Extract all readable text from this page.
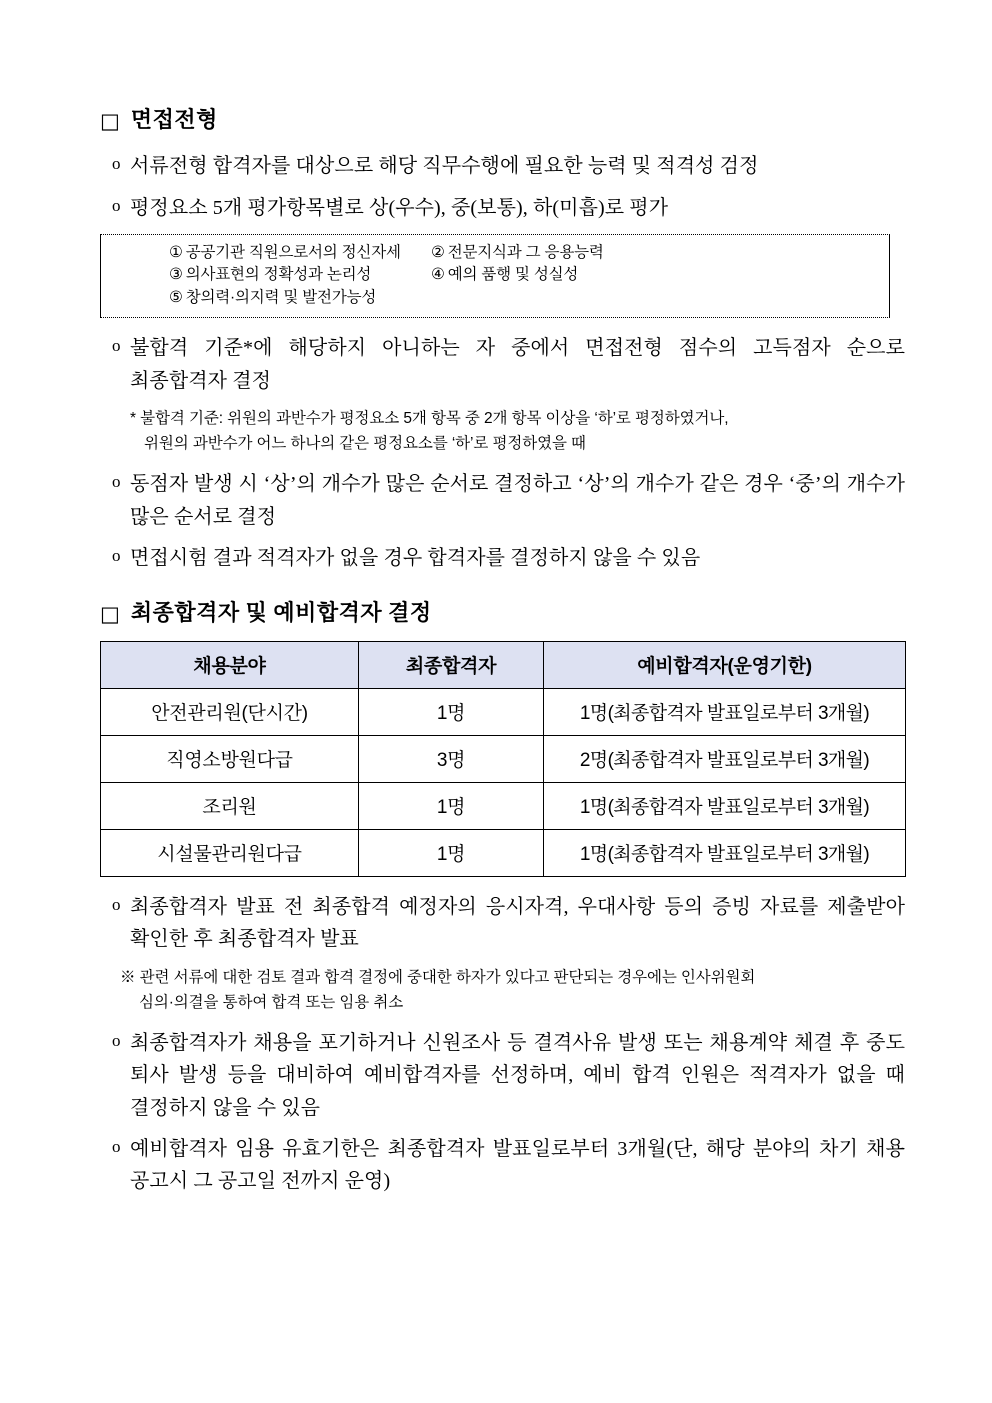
□ 면접전형
o 서류전형 합격자를 대상으로 해당 직무수행에 필요한 능력 및 적격성 검정
o 평정요소 5개 평가항목별로 상(우수), 중(보통), 하(미흡)로 평가
① 공공기관 직원으로서의 정신자세	② 전문지식과 그 응용능력
③ 의사표현의 정확성과 논리성	④ 예의 품행 및 성실성
⑤ 창의력·의지력 및 발전가능성
o 불합격 기준*에 해당하지 아니하는 자 중에서 면접전형 점수의 고득점자 순으로 최종합격자 결정
* 불합격 기준: 위원의 과반수가 평정요소 5개 항목 중 2개 항목 이상을 ‘하’로 평정하였거나,
위원의 과반수가 어느 하나의 같은 평정요소를 ‘하’로 평정하였을 때
o 동점자 발생 시 ‘상’의 개수가 많은 순서로 결정하고 ‘상’의 개수가 같은 경우 ‘중’의 개수가 많은 순서로 결정
o 면접시험 결과 적격자가 없을 경우 합격자를 결정하지 않을 수 있음
□ 최종합격자 및 예비합격자 결정
채용분야	최종합격자	예비합격자(운영기한)
안전관리원(단시간)	1명	1명(최종합격자 발표일로부터 3개월)
직영소방원다급	3명	2명(최종합격자 발표일로부터 3개월)
조리원	1명	1명(최종합격자 발표일로부터 3개월)
시설물관리원다급	1명	1명(최종합격자 발표일로부터 3개월)
o 최종합격자 발표 전 최종합격 예정자의 응시자격, 우대사항 등의 증빙 자료를 제출받아 확인한 후 최종합격자 발표
※ 관련 서류에 대한 검토 결과 합격 결정에 중대한 하자가 있다고 판단되는 경우에는 인사위원회
심의·의결을 통하여 합격 또는 임용 취소
o 최종합격자가 채용을 포기하거나 신원조사 등 결격사유 발생 또는 채용계약 체결 후 중도 퇴사 발생 등을 대비하여 예비합격자를 선정하며, 예비 합격 인원은 적격자가 없을 때 결정하지 않을 수 있음
o 예비합격자 임용 유효기한은 최종합격자 발표일로부터 3개월(단, 해당 분야의 차기 채용 공고시 그 공고일 전까지 운영)
